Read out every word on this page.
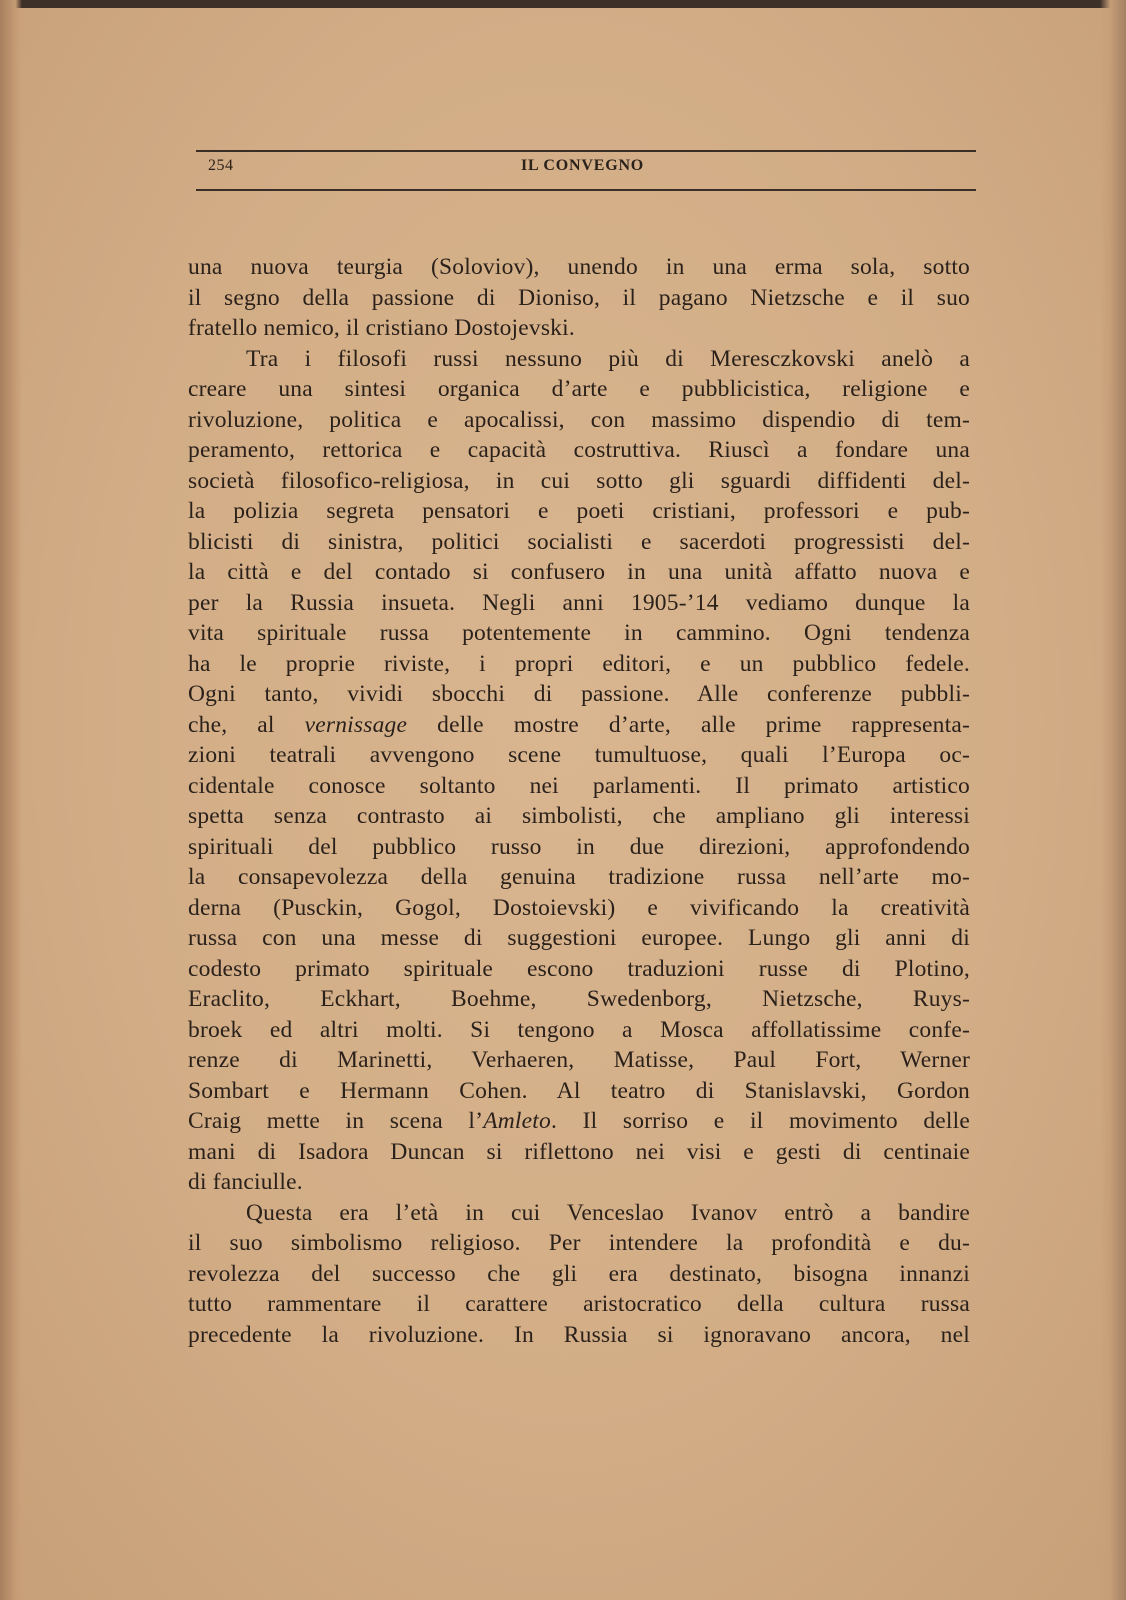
254	IL CONVEGNO
una nuova teurgia (Soloviov), unendo in una erma sola, sotto
il segno della passione di Dioniso, il pagano Nietzsche e il suo
fratello nemico, il cristiano Dostojevski.
Tra i filosofi russi nessuno più di Meresczkovski anelò a
creare una sintesi organica d’arte e pubblicistica, religione e
rivoluzione, politica e apocalissi, con massimo dispendio di tem-
peramento, rettorica e capacità costruttiva. Riuscì a fondare una
società filosofico-religiosa, in cui sotto gli sguardi diffidenti del-
la polizia segreta pensatori e poeti cristiani, professori e pub-
blicisti di sinistra, politici socialisti e sacerdoti progressisti del-
la città e del contado si confusero in una unità affatto nuova e
per la Russia insueta. Negli anni 1905-’14 vediamo dunque la
vita spirituale russa potentemente in cammino. Ogni tendenza
ha le proprie riviste, i propri editori, e un pubblico fedele.
Ogni tanto, vividi sbocchi di passione. Alle conferenze pubbli-
che, al vernissage delle mostre d’arte, alle prime rappresenta-
zioni teatrali avvengono scene tumultuose, quali l’Europa oc-
cidentale conosce soltanto nei parlamenti. Il primato artistico
spetta senza contrasto ai simbolisti, che ampliano gli interessi
spirituali del pubblico russo in due direzioni, approfondendo
la consapevolezza della genuina tradizione russa nell’arte mo-
derna (Pusckin, Gogol, Dostoievski) e vivificando la creatività
russa con una messe di suggestioni europee. Lungo gli anni di
codesto primato spirituale escono traduzioni russe di Plotino,
Eraclito, Eckhart, Boehme, Swedenborg, Nietzsche, Ruys-
broek ed altri molti. Si tengono a Mosca affollatissime confe-
renze di Marinetti, Verhaeren, Matisse, Paul Fort, Werner
Sombart e Hermann Cohen. Al teatro di Stanislavski, Gordon
Craig mette in scena l’Amleto. Il sorriso e il movimento delle
mani di Isadora Duncan si riflettono nei visi e gesti di centinaie
di fanciulle.
Questa era l’età in cui Venceslao Ivanov entrò a bandire
il suo simbolismo religioso. Per intendere la profondità e du-
revolezza del successo che gli era destinato, bisogna innanzi
tutto rammentare il carattere aristocratico della cultura russa
precedente la rivoluzione. In Russia si ignoravano ancora, nel
